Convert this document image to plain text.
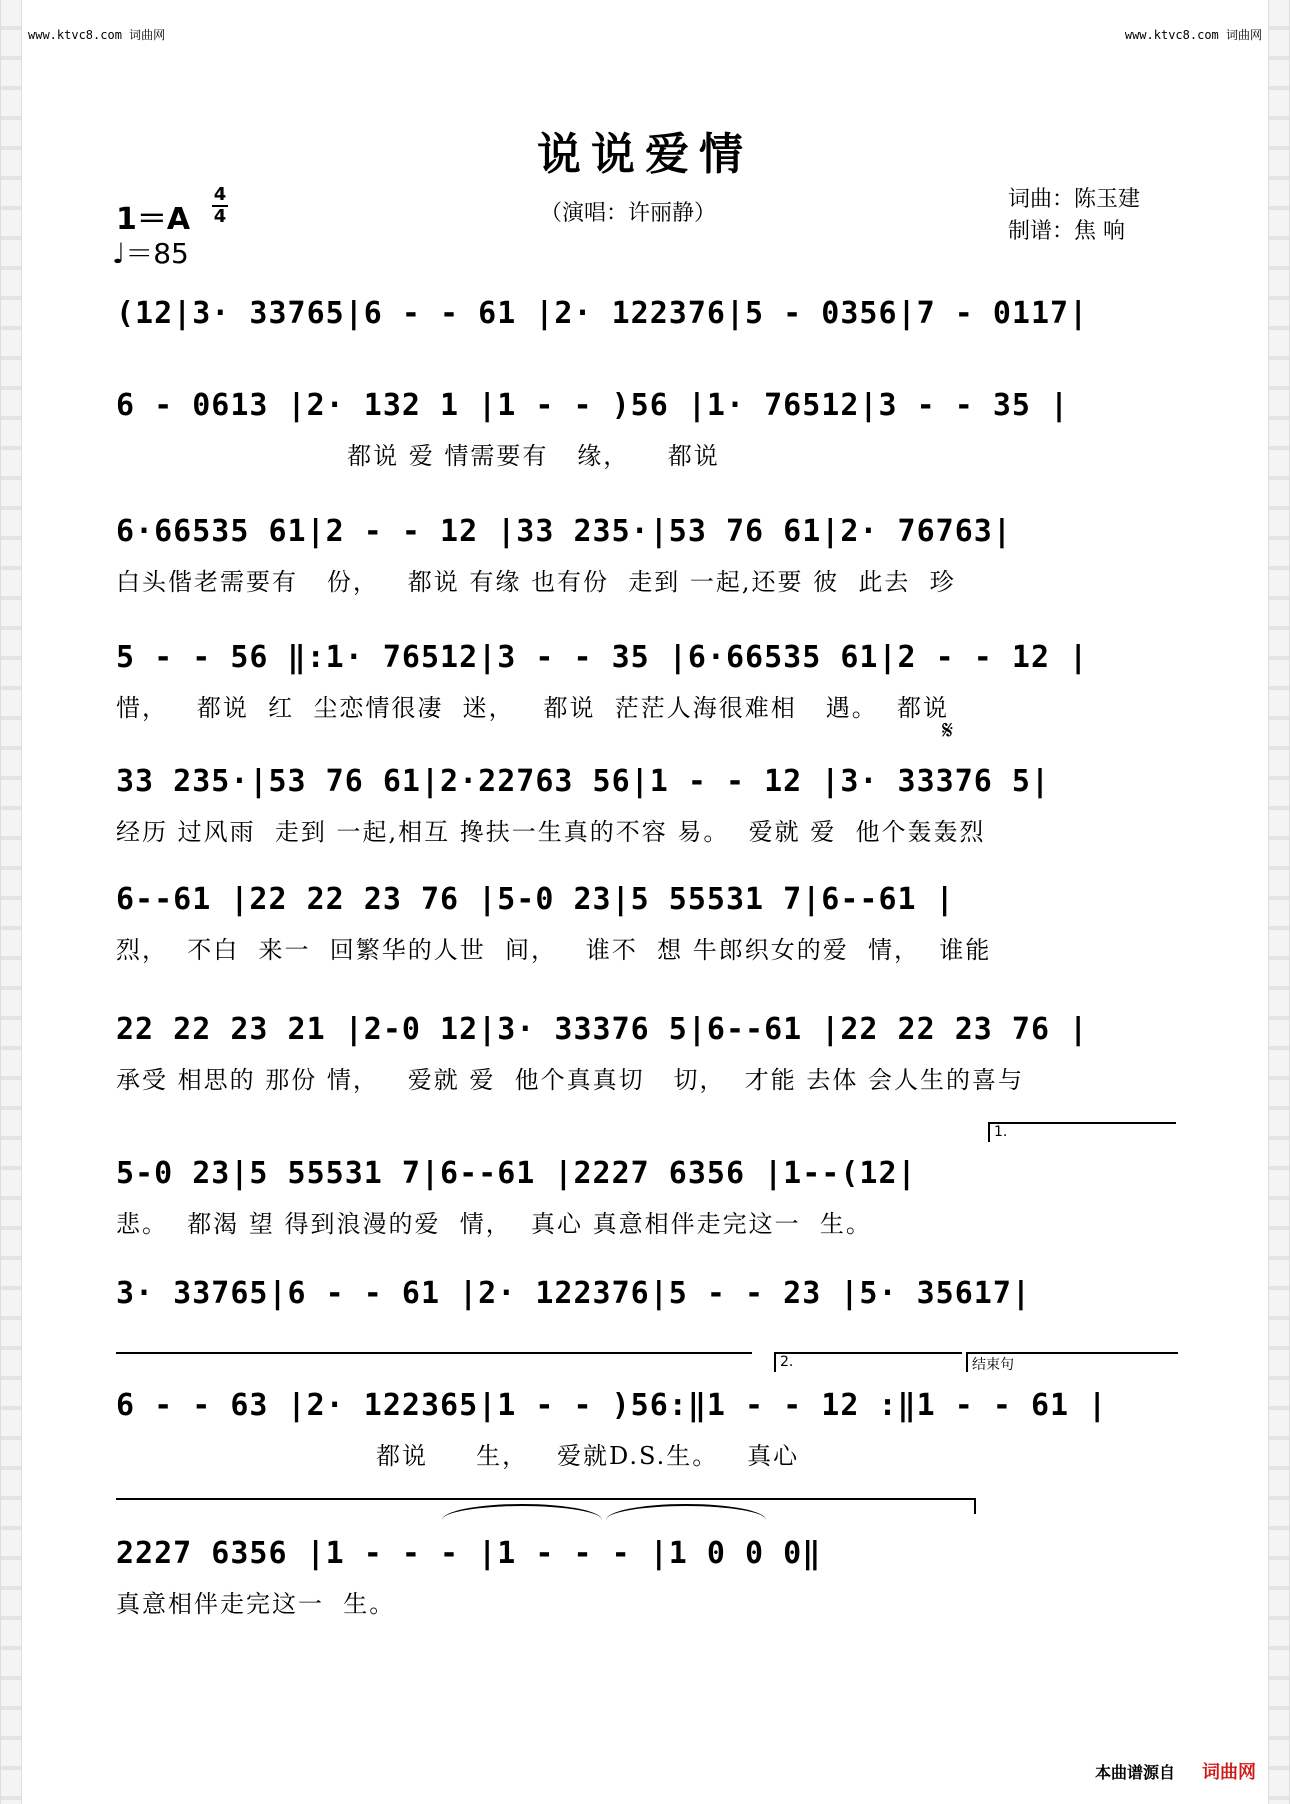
www.ktvc8.com 词曲网	www.ktvc8.com 词曲网
说说爱情
（演唱：许丽静）
词曲：陈玉建
制谱：焦 响
1＝A
4
4
♩＝85
(12|3· 33765|6 - - 61 |2· 122376|5 - 0356|7 - 0117|
6 - 0613 |2· 132 1 |1 - - )56 |1· 76512|3 - - 35 |
都说 爱 情需要有   缘，    都说
6·66535 61|2 - - 12 |33 235·|53 76 61|2· 76763|
白头偕老需要有   份，   都说 有缘 也有份  走到 一起,还要 彼  此去  珍
5 - - 56 ‖:1· 76512|3 - - 35 |6·66535 61|2 - - 12 |
惜，   都说  红  尘恋情很凄  迷，   都说  茫茫人海很难相   遇。  都说
𝄋
33 235·|53 76 61|2·22763 56|1 - - 12 |3· 33376 5|
经历 过风雨  走到 一起,相互 搀扶一生真的不容 易。  爱就 爱  他个轰轰烈
6--61 |22 22 23 76 |5-0 23|5 55531 7|6--61 |
烈，  不白  来一  回繁华的人世  间，   谁不  想 牛郎织女的爱  情，  谁能
22 22 23 21 |2-0 12|3· 33376 5|6--61 |22 22 23 76 |
承受 相思的 那份 情，   爱就 爱  他个真真切   切，  才能 去体 会人生的喜与
1.
5-0 23|5 55531 7|6--61 |2227 6356 |1--(12|
悲。  都渴 望 得到浪漫的爱  情，  真心 真意相伴走完这一  生。
3· 33765|6 - - 61 |2· 122376|5 - - 23 |5· 35617|
2.	结束句
6 - - 63 |2· 122365|1 - - )56:‖1 - - 12 :‖1 - - 61 |
都说     生，   爱就D.S.生。   真心
2227 6356 |1 - - - |1 - - - |1 0 0 0‖
真意相伴走完这一  生。
本曲谱源自 词曲网
